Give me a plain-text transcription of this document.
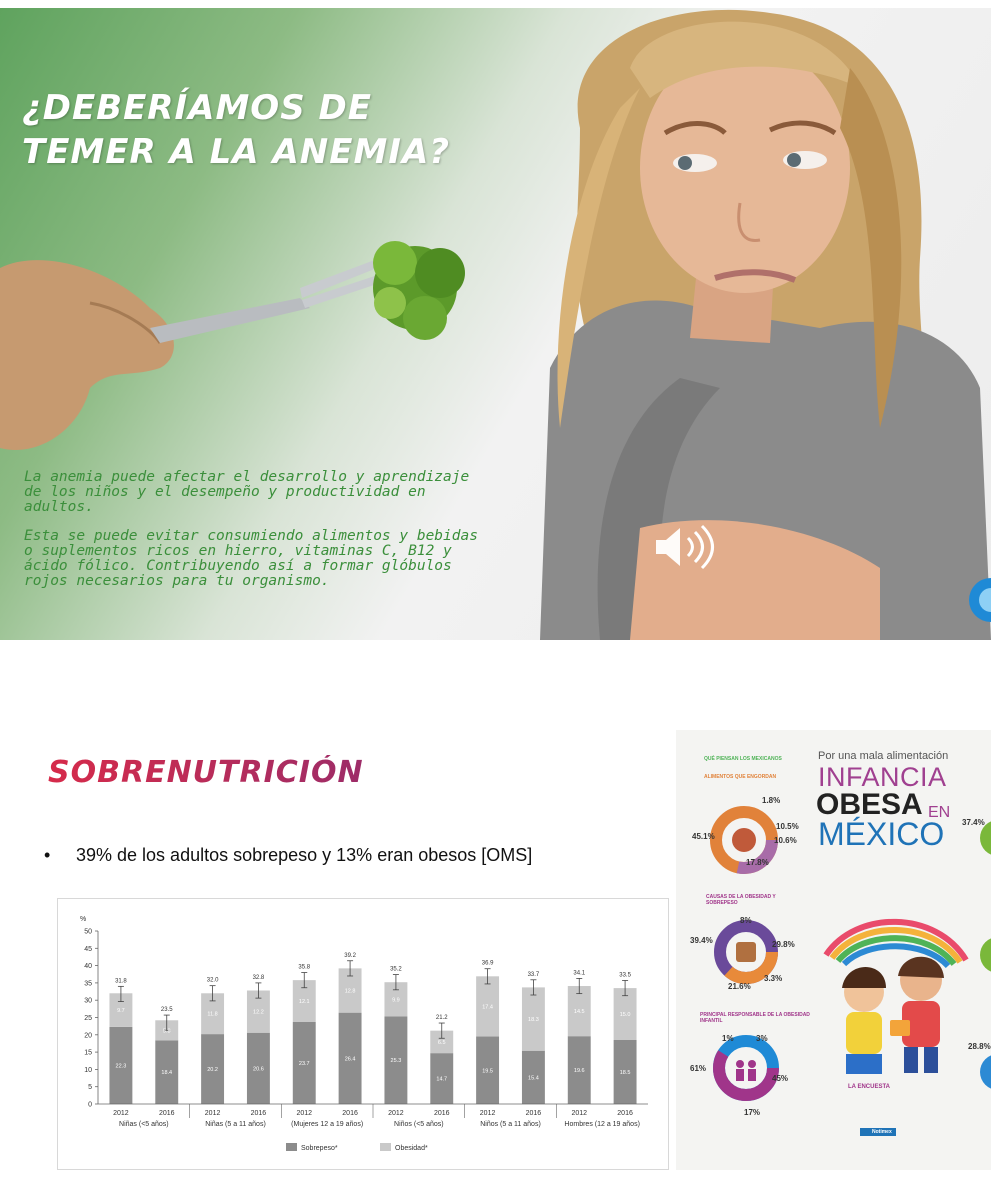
¿DEBERÍAMOS DE
TEMER A LA ANEMIA?

La anemia puede afectar el desarrollo y aprendizaje de los niños y el desempeño y productividad en adultos.

Esta se puede evitar consumiendo alimentos y bebidas o suplementos ricos en hierro, vitaminas C, B12 y ácido fólico. Contribuyendo así a formar glóbulos rojos necesarios para tu organismo.

SOBRENUTRICIÓN
• 39% de los adultos sobrepeso y 13% eran obesos [OMS]
%
0
5
10
15
20
25
30
35
40
45
50
31.8
22.3
9.7	23.5
18.4
5.8
32.0
20.2
11.8
32.8
20.6
12.2
35.8
23.7
12.1
39.2
26.4
12.8
35.2
25.3
9.9
21.2
14.7
6.5
36.9
19.5
17.4
33.7
15.4
18.3
34.1
19.6
14.5
33.5
18.5
15.0
2012	2016	2012	2016	2012	2016	2012	2016	2012	2016	2012	2016
Niñas (<5 años)	Niñas (5 a 11 años)	(Mujeres 12 a 19 años)	Niños (<5 años)	Niños (5 a 11 años)	Hombres (12 a 19 años)
Sobrepeso*	Obesidad*
Por una mala alimentación
INFANCIA
OBESA EN
MÉXICO
QUÉ PIENSAN LOS MEXICANOS
ALIMENTOS QUE ENGORDAN
CAUSAS DE LA OBESIDAD Y SOBREPESO
PRINCIPAL RESPONSABLE DE LA OBESIDAD INFANTIL
LA ENCUESTA
Notimex
1.8%
10.5%
10.6%
45.1%
17.8%
37.4%
8%
39.4%	29.8%
3.3%
21.6%
1%	3%
61%
45%
28.8%
17%
